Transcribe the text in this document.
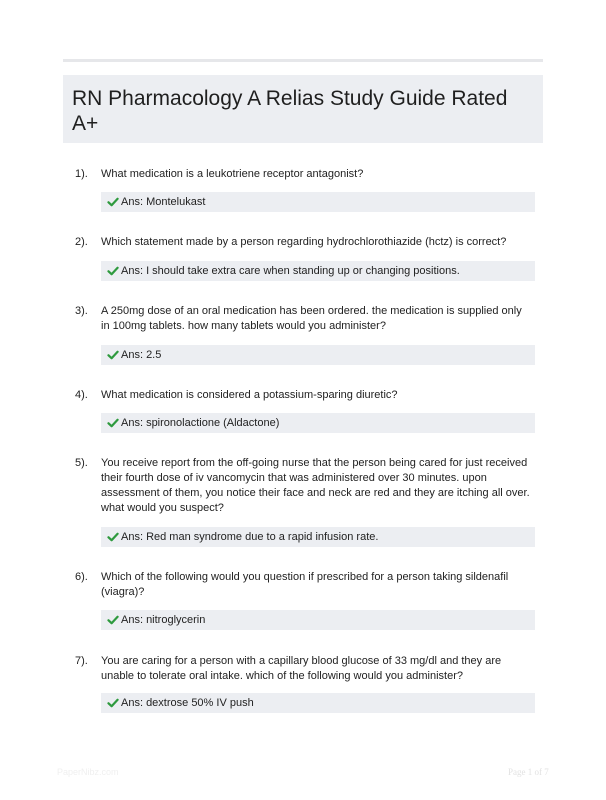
RN Pharmacology A Relias Study Guide Rated A+
1). What medication is a leukotriene receptor antagonist?
Ans: Montelukast
2). Which statement made by a person regarding hydrochlorothiazide (hctz) is correct?
Ans: I should take extra care when standing up or changing positions.
3). A 250mg dose of an oral medication has been ordered. the medication is supplied only in 100mg tablets. how many tablets would you administer?
Ans: 2.5
4). What medication is considered a potassium-sparing diuretic?
Ans: spironolactione (Aldactone)
5). You receive report from the off-going nurse that the person being cared for just received their fourth dose of iv vancomycin that was administered over 30 minutes. upon assessment of them, you notice their face and neck are red and they are itching all over. what would you suspect?
Ans: Red man syndrome due to a rapid infusion rate.
6). Which of the following would you question if prescribed for a person taking sildenafil (viagra)?
Ans: nitroglycerin
7). You are caring for a person with a capillary blood glucose of 33 mg/dl and they are unable to tolerate oral intake. which of the following would you administer?
Ans: dextrose 50% IV push
PaperNibz.com	Page 1 of 7
